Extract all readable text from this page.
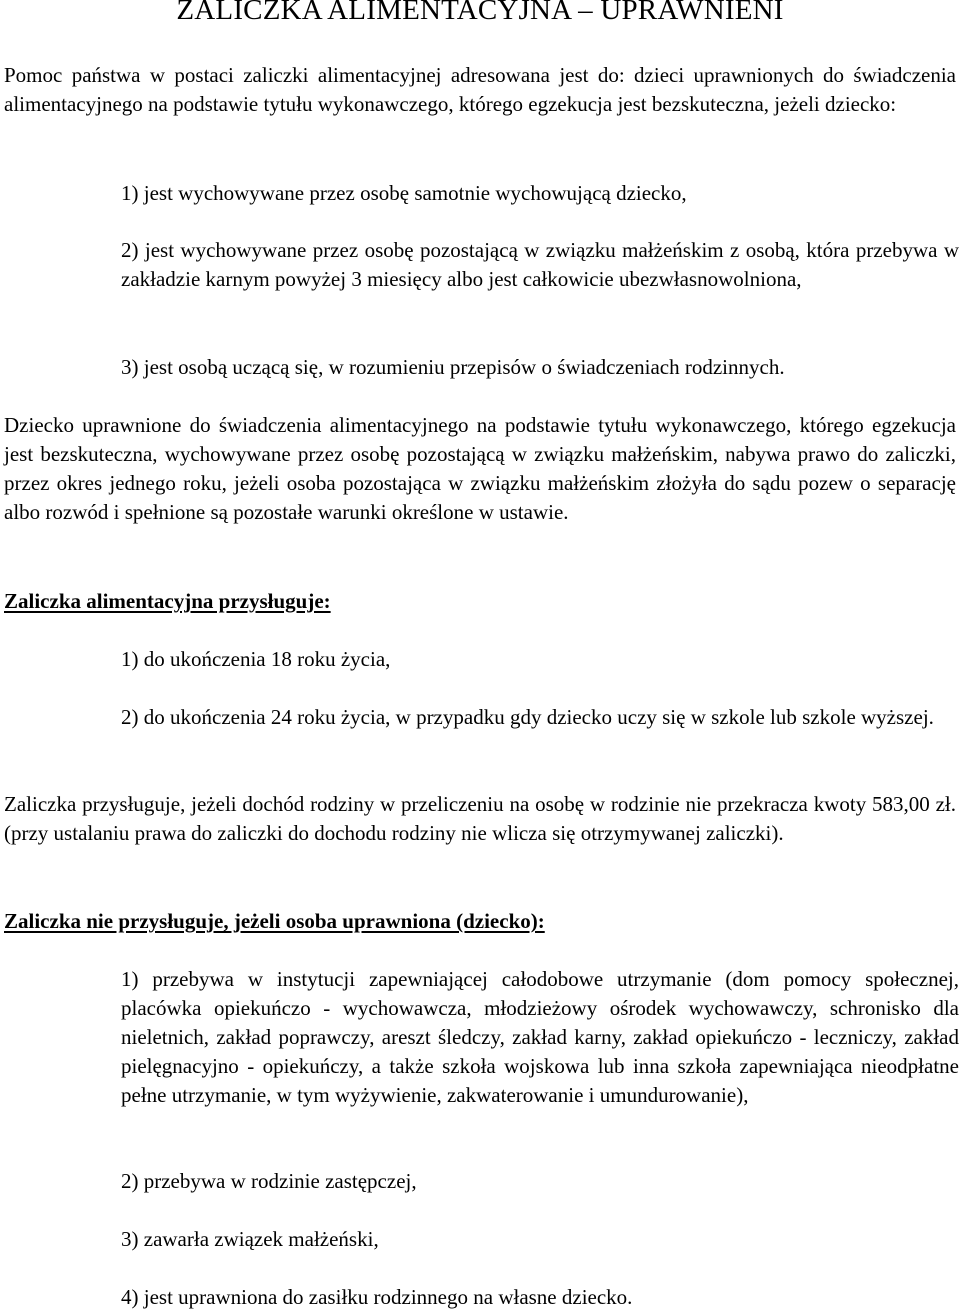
ZALICZKA ALIMENTACYJNA – UPRAWNIENI

Pomoc państwa w postaci zaliczki alimentacyjnej adresowana jest do: dzieci uprawnionych do świadczenia alimentacyjnego na podstawie tytułu wykonawczego, którego egzekucja jest bezskuteczna, jeżeli dziecko:

1) jest wychowywane przez osobę samotnie wychowującą dziecko,

2) jest wychowywane przez osobę pozostającą w związku małżeńskim z osobą, która przebywa w zakładzie karnym powyżej 3 miesięcy albo jest całkowicie ubezwłasnowolniona,

3) jest osobą uczącą się, w rozumieniu przepisów o świadczeniach rodzinnych.

Dziecko uprawnione do świadczenia alimentacyjnego na podstawie tytułu wykonawczego, którego egzekucja jest bezskuteczna, wychowywane przez osobę pozostającą w związku małżeńskim, nabywa prawo do zaliczki, przez okres jednego roku, jeżeli osoba pozostająca w związku małżeńskim złożyła do sądu pozew o separację albo rozwód i spełnione są pozostałe warunki określone w ustawie.

Zaliczka alimentacyjna przysługuje:

1) do ukończenia 18 roku życia,

2) do ukończenia 24 roku życia, w przypadku gdy dziecko uczy się w szkole lub szkole wyższej.

Zaliczka przysługuje, jeżeli dochód rodziny w przeliczeniu na osobę w rodzinie nie przekracza kwoty 583,00 zł. (przy ustalaniu prawa do zaliczki do dochodu rodziny nie wlicza się otrzymywanej zaliczki).

Zaliczka nie przysługuje, jeżeli osoba uprawniona (dziecko):

1) przebywa w instytucji zapewniającej całodobowe utrzymanie (dom pomocy społecznej, placówka opiekuńczo - wychowawcza, młodzieżowy ośrodek wychowawczy, schronisko dla nieletnich, zakład poprawczy, areszt śledczy, zakład karny, zakład opiekuńczo - leczniczy, zakład pielęgnacyjno - opiekuńczy, a także szkoła wojskowa lub inna szkoła zapewniająca nieodpłatne pełne utrzymanie, w tym wyżywienie, zakwaterowanie i umundurowanie),

2) przebywa w rodzinie zastępczej,

3) zawarła związek małżeński,

4) jest uprawniona do zasiłku rodzinnego na własne dziecko.
